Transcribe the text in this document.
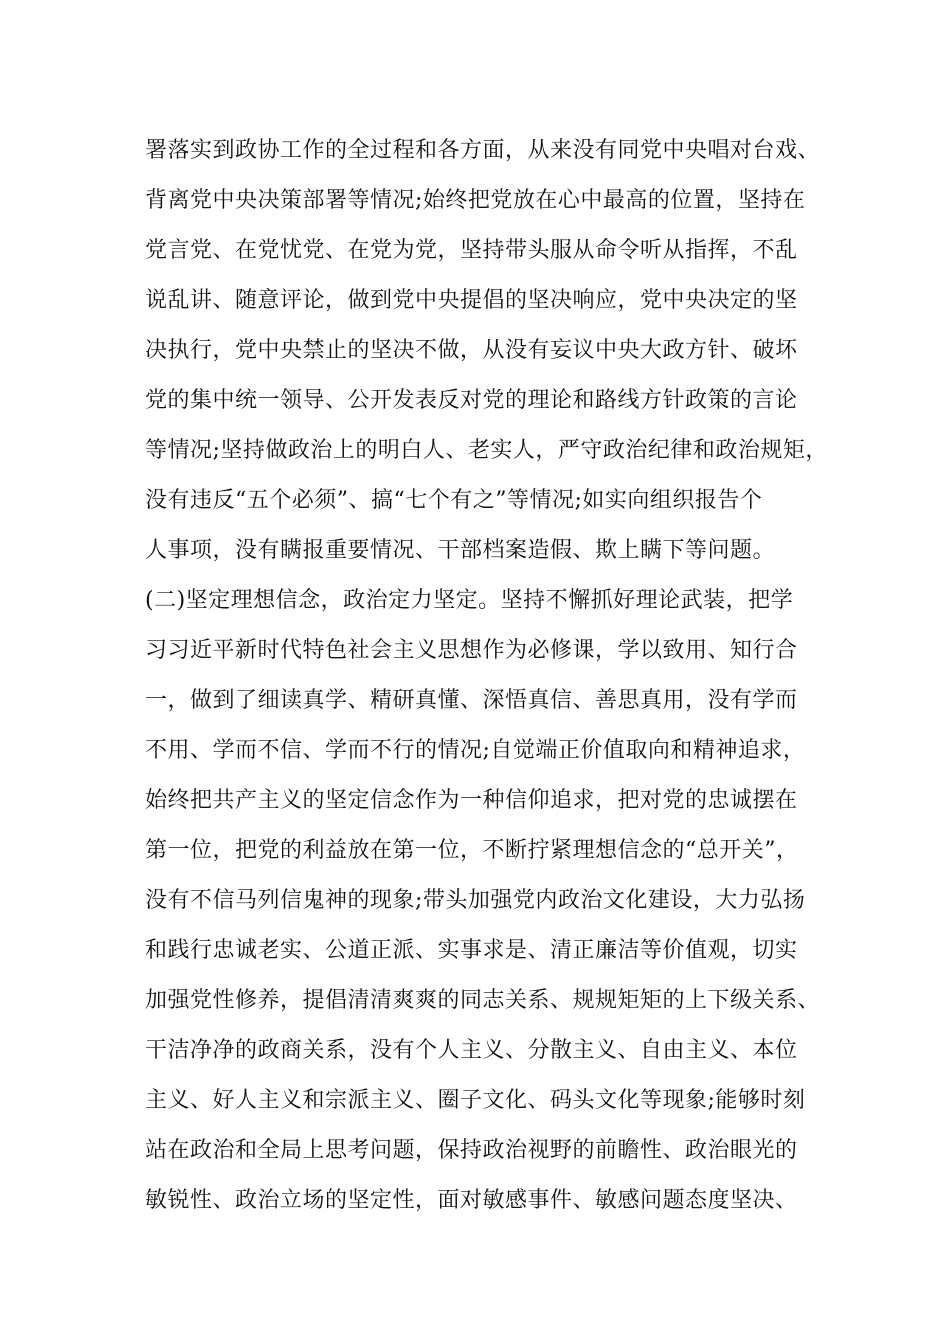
署落实到政协工作的全过程和各方面，从来没有同党中央唱对台戏、
背离党中央决策部署等情况;始终把党放在心中最高的位置，坚持在
党言党、在党忧党、在党为党，坚持带头服从命令听从指挥，不乱
说乱讲、随意评论，做到党中央提倡的坚决响应，党中央决定的坚
决执行，党中央禁止的坚决不做，从没有妄议中央大政方针、破坏
党的集中统一领导、公开发表反对党的理论和路线方针政策的言论
等情况;坚持做政治上的明白人、老实人，严守政治纪律和政治规矩，
没有违反“五个必须”、搞“七个有之”等情况;如实向组织报告个
人事项，没有瞒报重要情况、干部档案造假、欺上瞒下等问题。
(二)坚定理想信念，政治定力坚定。坚持不懈抓好理论武装，把学
习习近平新时代特色社会主义思想作为必修课，学以致用、知行合
一，做到了细读真学、精研真懂、深悟真信、善思真用，没有学而
不用、学而不信、学而不行的情况;自觉端正价值取向和精神追求，
始终把共产主义的坚定信念作为一种信仰追求，把对党的忠诚摆在
第一位，把党的利益放在第一位，不断拧紧理想信念的“总开关”，
没有不信马列信鬼神的现象;带头加强党内政治文化建设，大力弘扬
和践行忠诚老实、公道正派、实事求是、清正廉洁等价值观，切实
加强党性修养，提倡清清爽爽的同志关系、规规矩矩的上下级关系、
干洁净净的政商关系，没有个人主义、分散主义、自由主义、本位
主义、好人主义和宗派主义、圈子文化、码头文化等现象;能够时刻
站在政治和全局上思考问题，保持政治视野的前瞻性、政治眼光的
敏锐性、政治立场的坚定性，面对敏感事件、敏感问题态度坚决、
